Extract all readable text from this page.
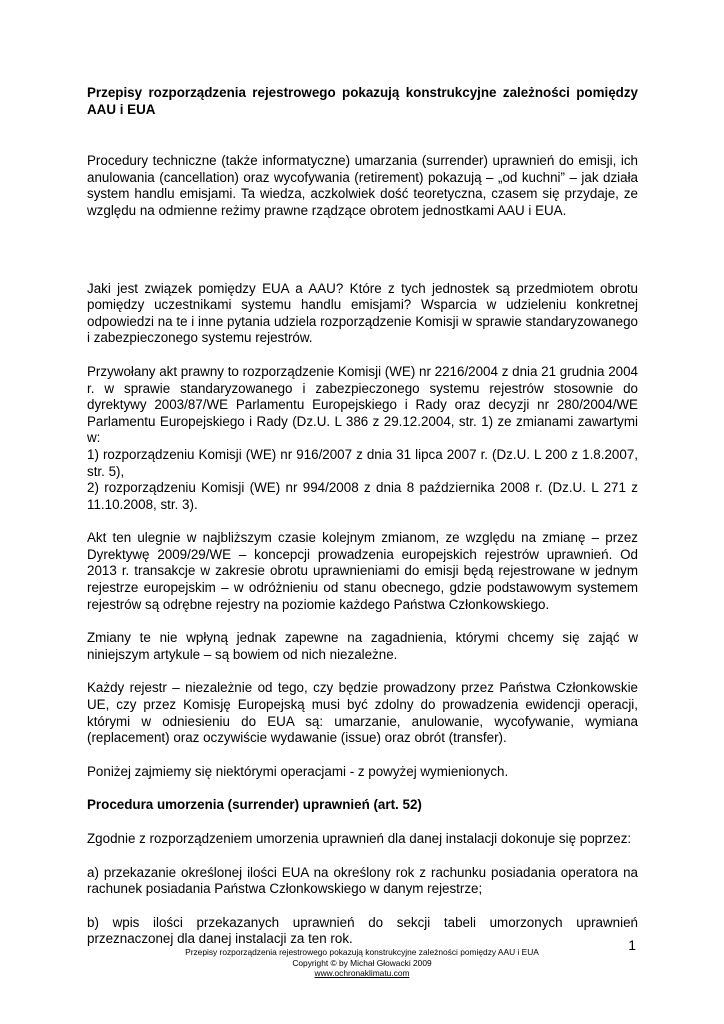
Przepisy rozporządzenia rejestrowego pokazują konstrukcyjne zależności pomiędzy AAU i EUA

Procedury techniczne (także informatyczne) umarzania (surrender) uprawnień do emisji, ich anulowania (cancellation) oraz wycofywania (retirement) pokazują – „od kuchni” – jak działa system handlu emisjami. Ta wiedza, aczkolwiek dość teoretyczna, czasem się przydaje, ze względu na odmienne reżimy prawne rządzące obrotem jednostkami AAU i EUA.

Jaki jest związek pomiędzy EUA a AAU? Które z tych jednostek są przedmiotem obrotu pomiędzy uczestnikami systemu handlu emisjami? Wsparcia w udzieleniu konkretnej odpowiedzi na te i inne pytania udziela rozporządzenie Komisji w sprawie standaryzowanego i zabezpieczonego systemu rejestrów.

Przywołany akt prawny to rozporządzenie Komisji (WE) nr 2216/2004 z dnia 21 grudnia 2004 r. w sprawie standaryzowanego i zabezpieczonego systemu rejestrów stosownie do dyrektywy 2003/87/WE Parlamentu Europejskiego i Rady oraz decyzji nr 280/2004/WE Parlamentu Europejskiego i Rady (Dz.U. L 386 z 29.12.2004, str. 1) ze zmianami zawartymi w:

1) rozporządzeniu Komisji (WE) nr 916/2007 z dnia 31 lipca 2007 r. (Dz.U. L 200 z 1.8.2007, str. 5),

2) rozporządzeniu Komisji (WE) nr 994/2008 z dnia 8 października 2008 r. (Dz.U. L 271 z 11.10.2008, str. 3).

Akt ten ulegnie w najbliższym czasie kolejnym zmianom, ze względu na zmianę – przez Dyrektywę 2009/29/WE – koncepcji prowadzenia europejskich rejestrów uprawnień. Od 2013 r. transakcje w zakresie obrotu uprawnieniami do emisji będą rejestrowane w jednym rejestrze europejskim – w odróżnieniu od stanu obecnego, gdzie podstawowym systemem rejestrów są odrębne rejestry na poziomie każdego Państwa Członkowskiego.

Zmiany te nie wpłyną jednak zapewne na zagadnienia, którymi chcemy się zająć w niniejszym artykule – są bowiem od nich niezależne.

Każdy rejestr – niezależnie od tego, czy będzie prowadzony przez Państwa Członkowskie UE, czy przez Komisję Europejską musi być zdolny do prowadzenia ewidencji operacji, którymi w odniesieniu do EUA są: umarzanie, anulowanie, wycofywanie, wymiana (replacement) oraz oczywiście wydawanie (issue) oraz obrót (transfer).

Poniżej zajmiemy się niektórymi operacjami - z powyżej wymienionych.

Procedura umorzenia (surrender) uprawnień (art. 52)

Zgodnie z rozporządzeniem umorzenia uprawnień dla danej instalacji dokonuje się poprzez:

a) przekazanie określonej ilości EUA na określony rok z rachunku posiadania operatora na rachunek posiadania Państwa Członkowskiego w danym rejestrze;

b) wpis ilości przekazanych uprawnień do sekcji tabeli umorzonych uprawnień przeznaczonej dla danej instalacji za ten rok.	1
Przepisy rozporządzenia rejestrowego pokazują konstrukcyjne zależności pomiędzy AAU i EUA
Copyright © by Michał Głowacki 2009
www.ochronaklimatu.com
